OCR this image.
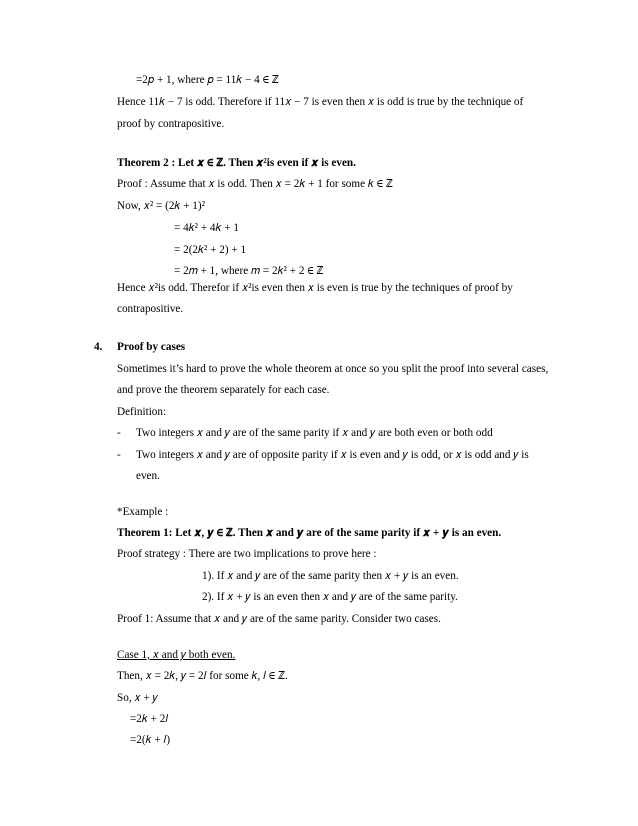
=2𝑝 + 1, where 𝑝 = 11𝑘 − 4 ∈ ℤ
Hence 11𝑘 − 7 is odd. Therefore if 11𝑥 − 7 is even then 𝑥 is odd is true by the technique of
proof by contrapositive.
Theorem 2 : Let 𝒙 ∈ ℤ. Then 𝒙²is even if 𝒙 is even.
Proof : Assume that 𝑥 is odd. Then 𝑥 = 2𝑘 + 1 for some 𝑘 ∈ ℤ
Now, 𝑥² = (2𝑘 + 1)²
= 4𝑘² + 4𝑘 + 1
= 2(2𝑘² + 2) + 1
= 2𝑚 + 1, where 𝑚 = 2𝑘² + 2 ∈ ℤ
Hence 𝑥²is odd. Therefor if 𝑥²is even then 𝑥 is even is true by the techniques of proof by
contrapositive.
4. Proof by cases
Sometimes it’s hard to prove the whole theorem at once so you split the proof into several cases,
and prove the theorem separately for each case.
Definition:
- Two integers 𝑥 and 𝑦 are of the same parity if 𝑥 and 𝑦 are both even or both odd
- Two integers 𝑥 and 𝑦 are of opposite parity if 𝑥 is even and 𝑦 is odd, or 𝑥 is odd and 𝑦 is
even.
*Example :
Theorem 1: Let 𝒙, 𝒚 ∈ ℤ. Then 𝒙 and 𝒚 are of the same parity if 𝒙 + 𝒚 is an even.
Proof strategy : There are two implications to prove here :
1). If 𝑥 and 𝑦 are of the same parity then 𝑥 + 𝑦 is an even.
2). If 𝑥 + 𝑦 is an even then 𝑥 and 𝑦 are of the same parity.
Proof 1: Assume that 𝑥 and 𝑦 are of the same parity. Consider two cases.
Case 1, 𝑥 and 𝑦 both even.
Then, 𝑥 = 2𝑘, 𝑦 = 2𝑙 for some 𝑘, 𝑙 ∈ ℤ.
So, 𝑥 + 𝑦
=2𝑘 + 2𝑙
=2(𝑘 + 𝑙)
